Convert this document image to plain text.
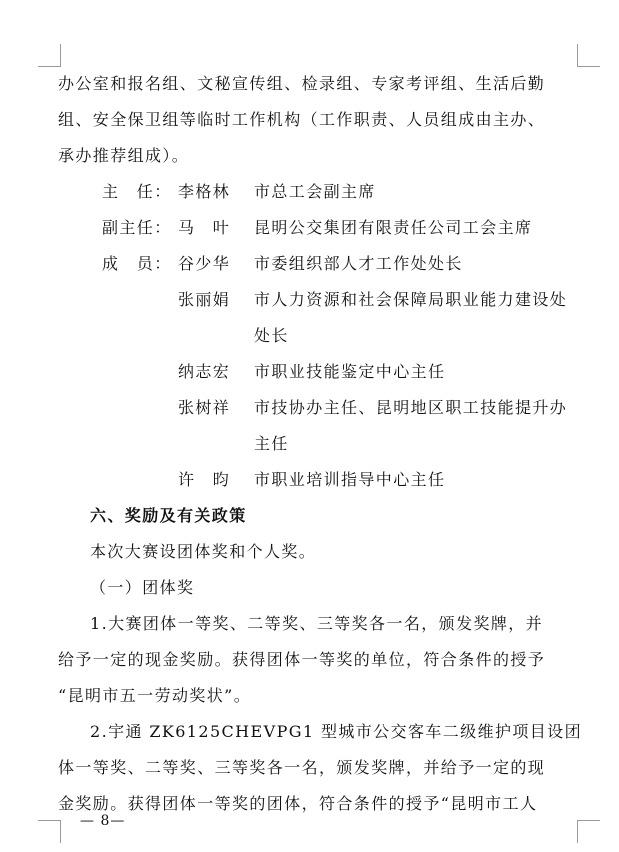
办公室和报名组、文秘宣传组、检录组、专家考评组、生活后勤
组、安全保卫组等临时工作机构（工作职责、人员组成由主办、
承办推荐组成）。
主　任： 李格林 市总工会副主席
副主任： 马　叶 昆明公交集团有限责任公司工会主席
成　员： 谷少华 市委组织部人才工作处处长
张丽娟 市人力资源和社会保障局职业能力建设处处长
纳志宏 市职业技能鉴定中心主任
张树祥 市技协办主任、昆明地区职工技能提升办主任
许　昀 市职业培训指导中心主任
六、奖励及有关政策
本次大赛设团体奖和个人奖。
（一）团体奖
1.大赛团体一等奖、二等奖、三等奖各一名，颁发奖牌，并
给予一定的现金奖励。获得团体一等奖的单位，符合条件的授予
“昆明市五一劳动奖状”。
2.宇通 ZK6125CHEVPG1 型城市公交客车二级维护项目设团
体一等奖、二等奖、三等奖各一名，颁发奖牌，并给予一定的现
金奖励。获得团体一等奖的团体，符合条件的授予“昆明市工人
— 8—
